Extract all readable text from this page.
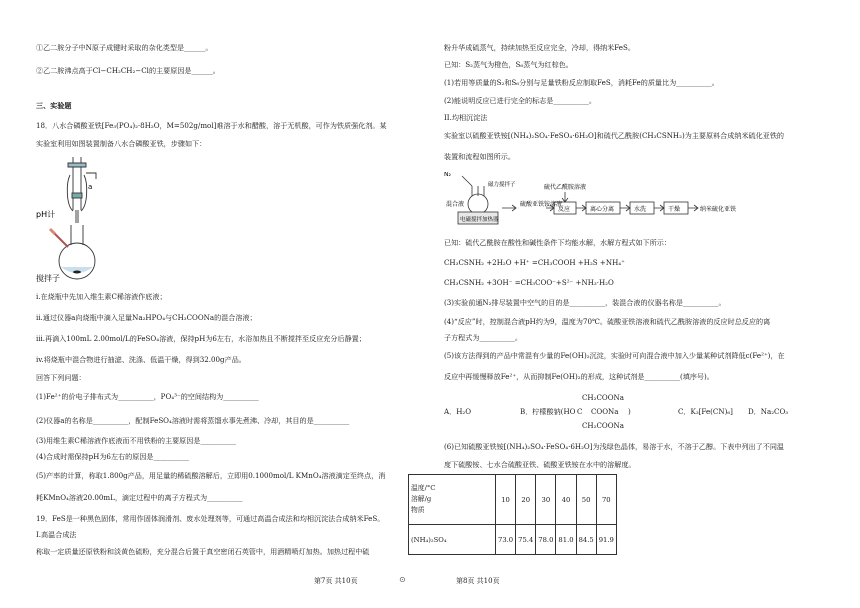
①乙二胺分子中N原子成键时采取的杂化类型是______。
②乙二胺沸点高于Cl−CH₂CH₂−Cl的主要原因是______。
三、实验题
18．八水合磷酸亚铁[Fe₃(PO₄)₂·8H₂O，M=502g/mol]难溶于水和醋酸，溶于无机酸，可作为铁质强化剂。某
实验室利用如图装置制备八水合磷酸亚铁，步骤如下：
a
pH计
搅拌子
i.在烧瓶中先加入维生素C稀溶液作底液；
ii.通过仪器a向烧瓶中滴入足量Na₂HPO₄与CH₃COONa的混合溶液；
iii.再滴入100mL 2.00mol/L的FeSO₄溶液，保持pH为6左右，水浴加热且不断搅拌至反应充分后静置；
iv.将烧瓶中混合物进行抽滤、洗涤、低温干燥，得到32.00g产品。
回答下列问题：
(1)Fe²⁺的价电子排布式为__________，PO₄³⁻的空间结构为__________
(2)仪器a的名称是__________，配制FeSO₄溶液时需将蒸馏水事先煮沸、冷却，其目的是__________
(3)用维生素C稀溶液作底液而不用铁粉的主要原因是__________
(4)合成时需保持pH为6左右的原因是__________
(5)产率的计算，称取1.800g产品，用足量的稀硫酸溶解后，立即用0.1000mol/L KMnO₄溶液滴定至终点，消
耗KMnO₄溶液20.00mL，滴定过程中的离子方程式为__________
19．FeS是一种黑色固体，常用作固体润滑剂、废水处理剂等，可通过高温合成法和均相沉淀法合成纳米FeS。
I.高温合成法
称取一定质量还原铁粉和淡黄色硫粉，充分混合后置于真空密闭石英管中，用酒精喷灯加热。加热过程中硫
第7页 共10页	⊙
粉升华成硫蒸气，持续加热至反应完全，冷却，得纳米FeS。
已知：S₂蒸气为橙色，S₆蒸气为红棕色。
(1)若用等质量的S₂和S₆分别与足量铁粉反应制取FeS，消耗Fe的质量比为__________。
(2)能说明反应已进行完全的标志是__________。
II.均相沉淀法
实验室以硫酸亚铁铵[(NH₄)₂SO₄·FeSO₄·6H₂O]和硫代乙酰胺(CH₃CSNH₂)为主要原料合成纳米硫化亚铁的
装置和流程如图所示。
N₂
混合液
电磁搅拌加热器
磁力搅拌子	硫代乙酰胺溶液
硫酸亚铁铵溶液
反应	离心分离	水洗	干燥	纳米硫化亚铁
已知：硫代乙酰胺在酸性和碱性条件下均能水解，水解方程式如下所示：
CH₃CSNH₂ +2H₂O +H⁺ =CH₃COOH +H₂S +NH₄⁺
CH₃CSNH₂ +3OH⁻ =CH₃COO⁻+S²⁻ +NH₃·H₂O
(3)实验前通N₂排尽装置中空气的目的是__________，装混合液的仪器名称是__________。
(4)“反应”时，控制混合液pH约为9，温度为70℃。硫酸亚铁溶液和硫代乙酰胺溶液的反应时总反应的离
子方程式为__________。
(5)该方法得到的产品中常混有少量的Fe(OH)₂沉淀，实验时可向混合液中加入少量某种试剂降低c(Fe²⁺)，在
反应中再缓慢释放Fe²⁺，从而抑制Fe(OH)₂的形成，这种试剂是__________(填序号)。
A．H₂O	B．柠檬酸钠(HO
CH₂COONa
C COONa
CH₂COONa
)	C．K₃[Fe(CN)₆] D．Na₂CO₃
(6)已知硫酸亚铁铵[(NH₄)₂SO₄·FeSO₄·6H₂O]为浅绿色晶体，易溶于水，不溶于乙醇。下表中列出了不同温
度下硫酸铵、七水合硫酸亚铁、硫酸亚铁铵在水中的溶解度。
第8页 共10页
温度/°C
溶解/g
物质	10	20	30	40	50	70
(NH₄)₂SO₄	73.0	75.4	78.0	81.0	84.5	91.9
